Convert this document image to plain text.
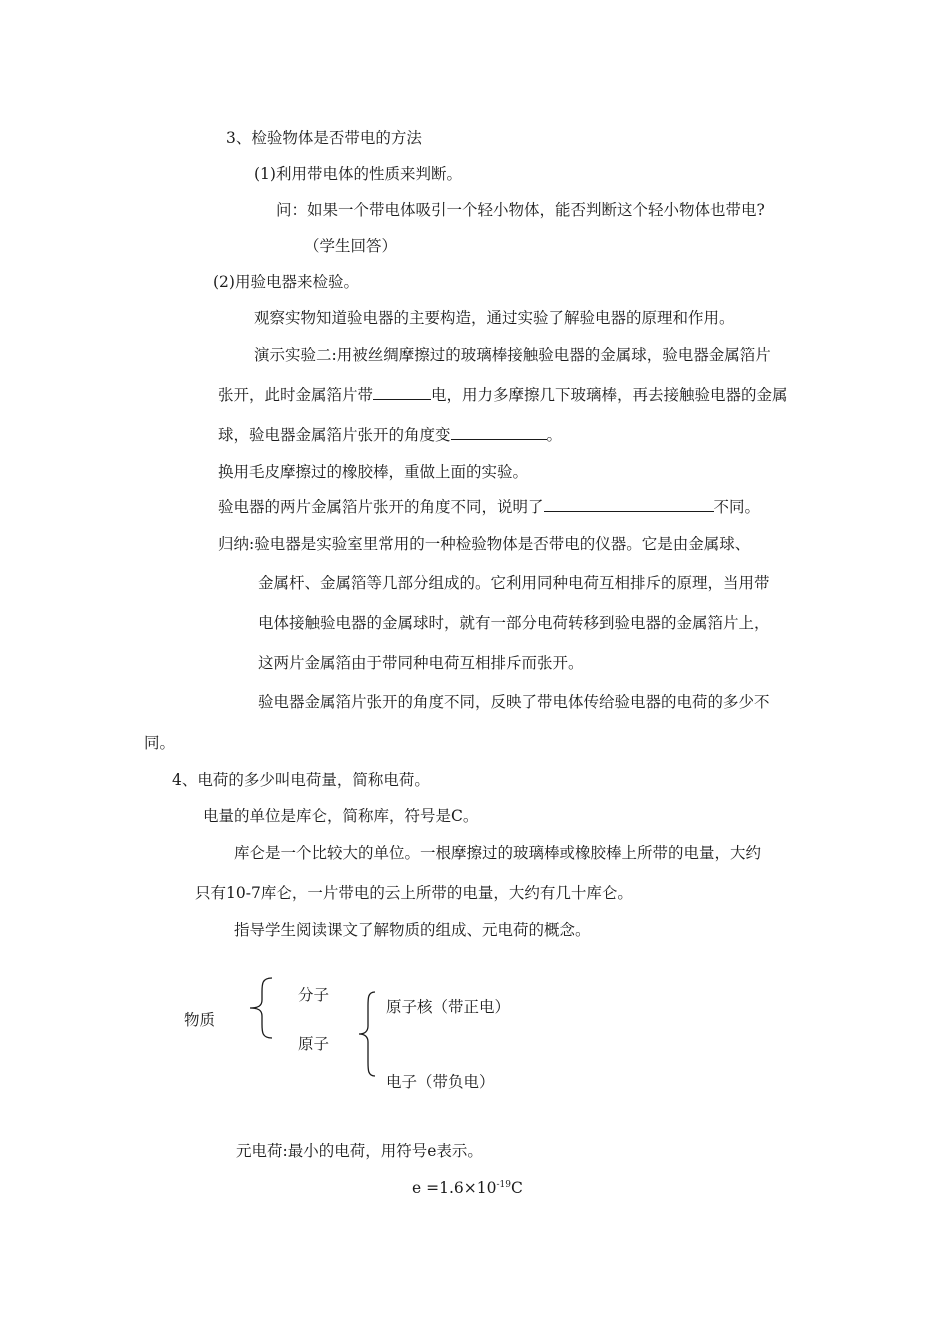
3、检验物体是否带电的方法
(1)利用带电体的性质来判断。
问：如果一个带电体吸引一个轻小物体，能否判断这个轻小物体也带电?
（学生回答）
(2)用验电器来检验。
观察实物知道验电器的主要构造，通过实验了解验电器的原理和作用。
演示实验二:用被丝绸摩擦过的玻璃棒接触验电器的金属球，验电器金属箔片
张开，此时金属箔片带	电，用力多摩擦几下玻璃棒，再去接触验电器的金属
球，验电器金属箔片张开的角度变	。
换用毛皮摩擦过的橡胶棒，重做上面的实验。
验电器的两片金属箔片张开的角度不同，说明了	不同。
归纳:验电器是实验室里常用的一种检验物体是否带电的仪器。它是由金属球、
金属杆、金属箔等几部分组成的。它利用同种电荷互相排斥的原理，当用带
电体接触验电器的金属球时，就有一部分电荷转移到验电器的金属箔片上，
这两片金属箔由于带同种电荷互相排斥而张开。
验电器金属箔片张开的角度不同，反映了带电体传给验电器的电荷的多少不
同。
4、电荷的多少叫电荷量，简称电荷。
电量的单位是库仑，简称库，符号是C。
库仑是一个比较大的单位。一根摩擦过的玻璃棒或橡胶棒上所带的电量，大约
只有10-7库仑，一片带电的云上所带的电量，大约有几十库仑。
指导学生阅读课文了解物质的组成、元电荷的概念。
物质
分子
原子
原子核（带正电）
电子（带负电）
元电荷:最小的电荷，用符号e表示。
$e =1.6\times 10^{-19}C$
